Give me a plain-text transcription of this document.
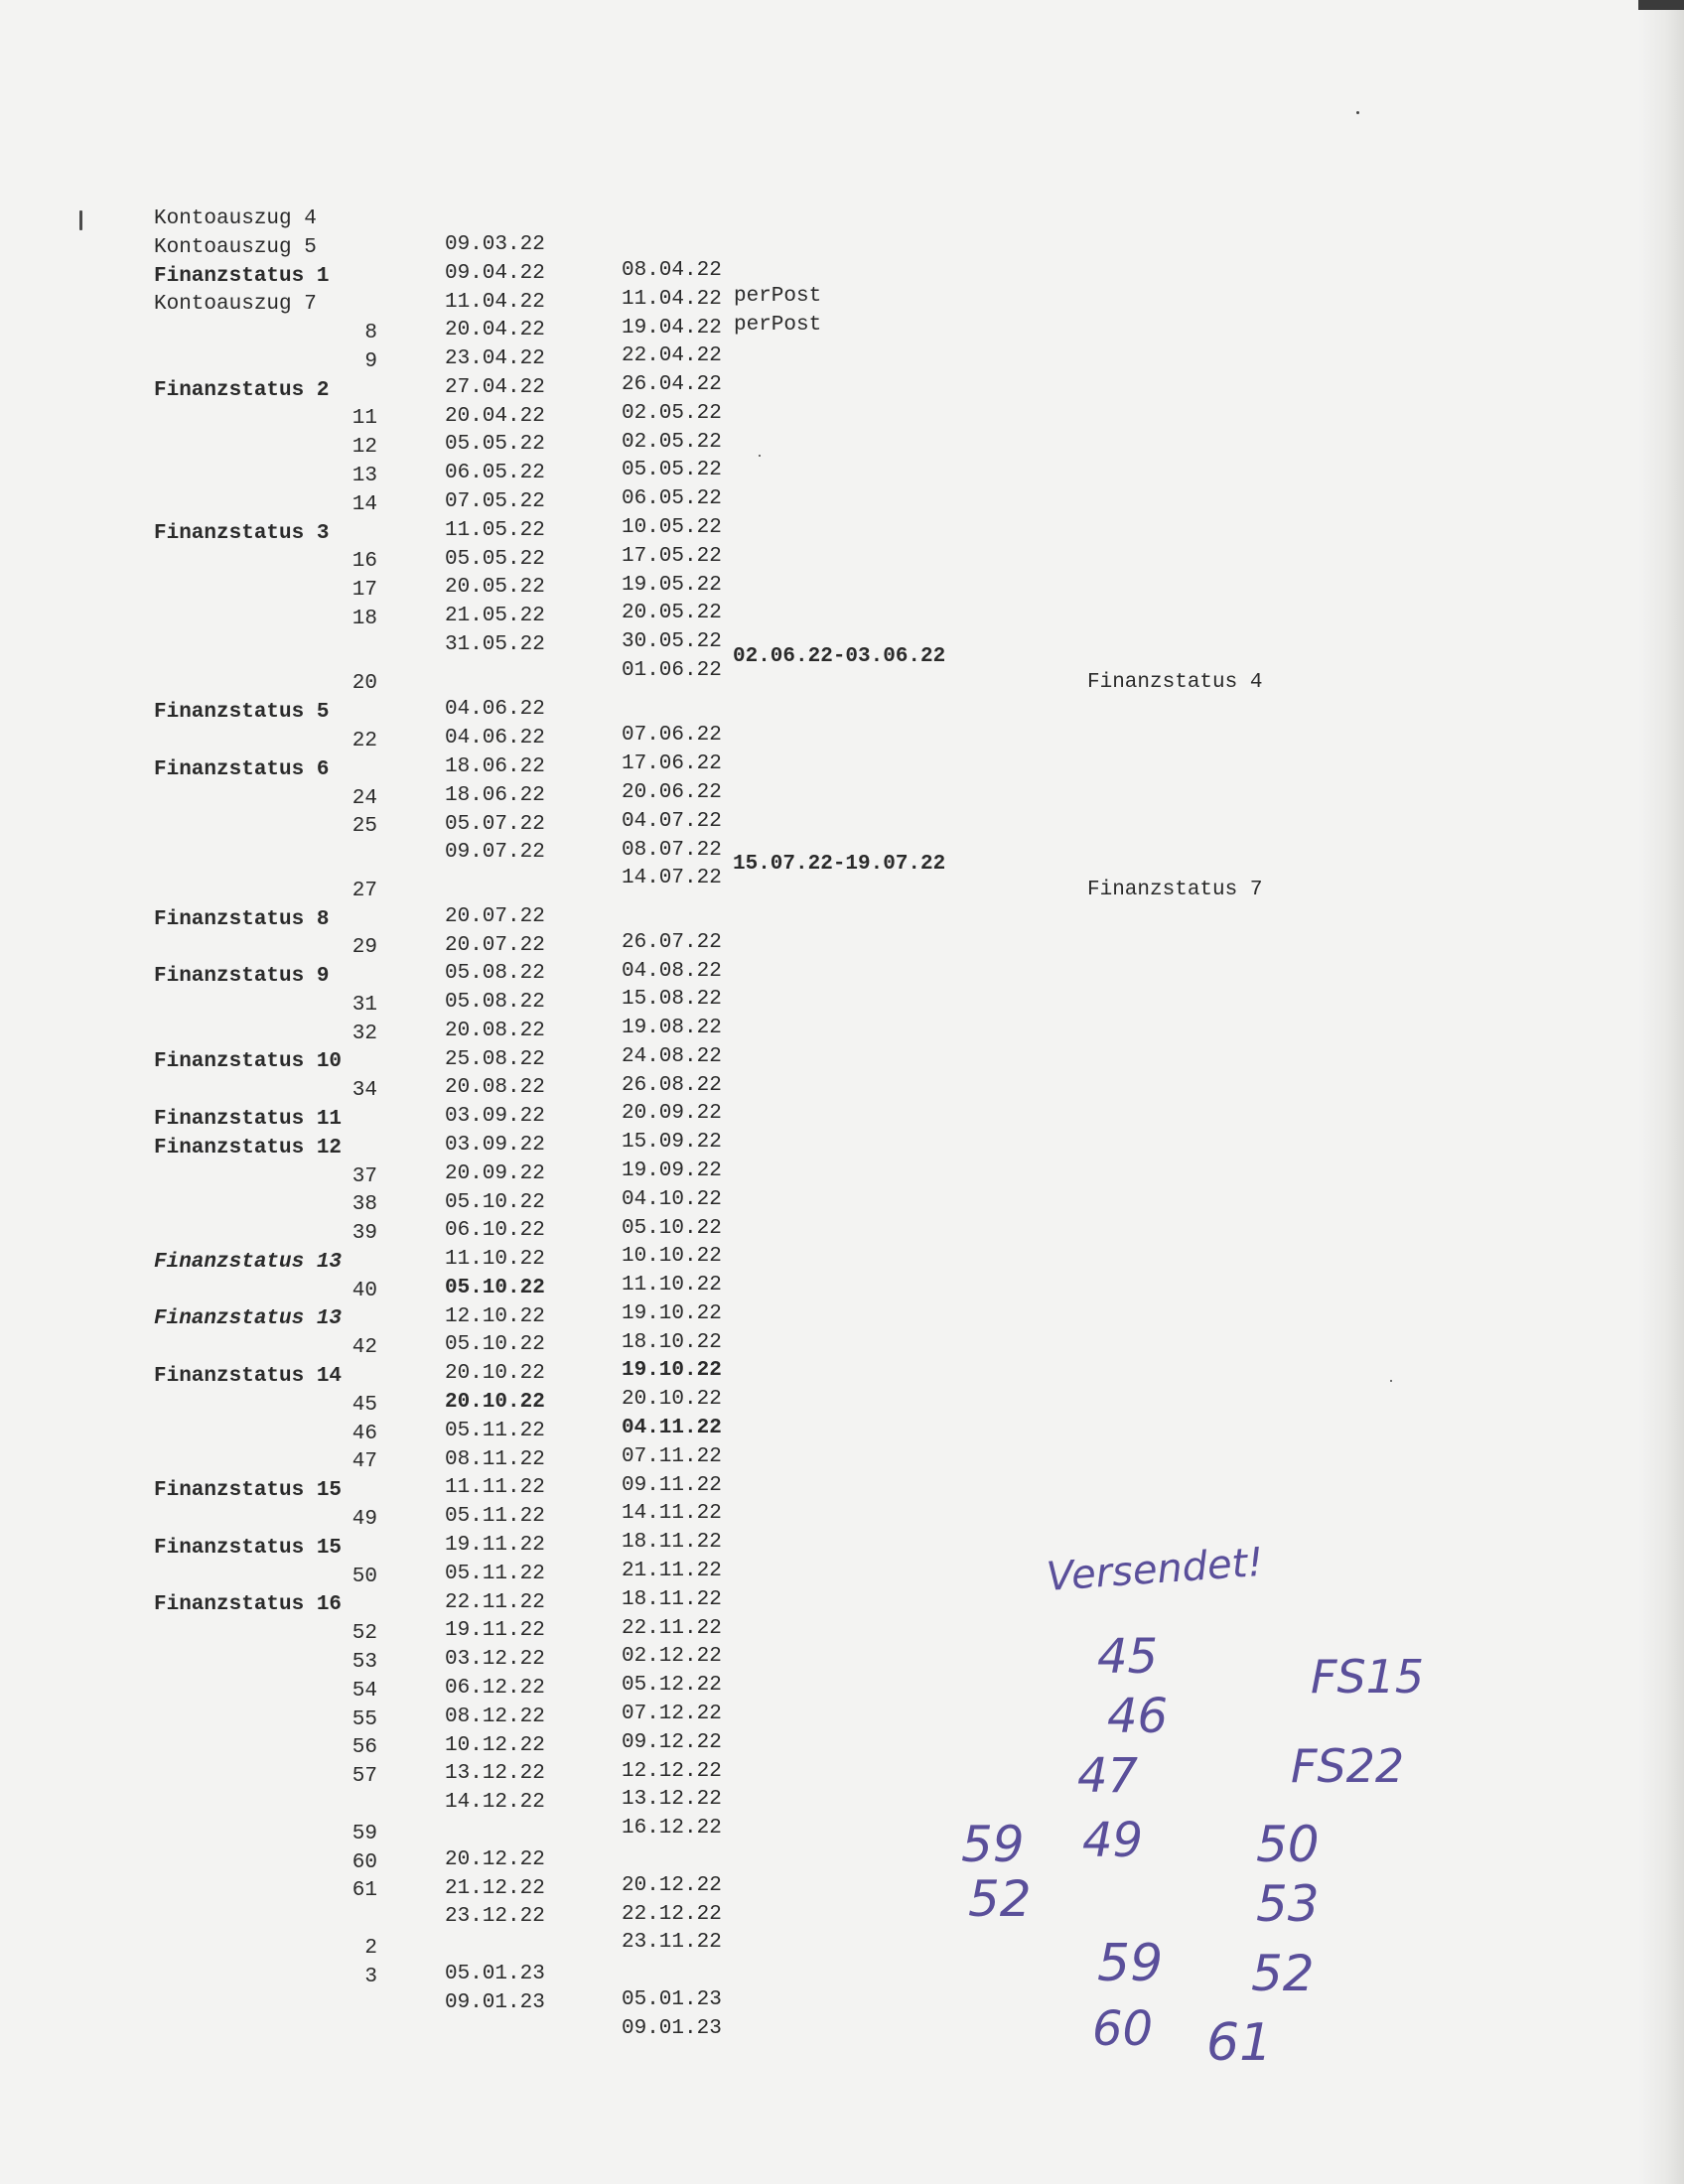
Kontoauszug 4

09.03.22

08.04.22

perPost

Kontoauszug 5

09.04.22

11.04.22

perPost

Finanzstatus 1

11.04.22

19.04.22

Kontoauszug 7

20.04.22

22.04.22

8

23.04.22

26.04.22

9

27.04.22

02.05.22

Finanzstatus 2

20.04.22

02.05.22

11

05.05.22

05.05.22

12

06.05.22

06.05.22

13

07.05.22

10.05.22

14

11.05.22

17.05.22

Finanzstatus 3

05.05.22

19.05.22

16

20.05.22

20.05.22

17

21.05.22

30.05.22

18

31.05.22

01.06.22

02.06.22-03.06.22

Finanzstatus 4

20

04.06.22

07.06.22

Finanzstatus 5

04.06.22

17.06.22

22

18.06.22

20.06.22

Finanzstatus 6

18.06.22

04.07.22

24

05.07.22

08.07.22

25

09.07.22

14.07.22

15.07.22-19.07.22

Finanzstatus 7

27

20.07.22

26.07.22

Finanzstatus 8

20.07.22

04.08.22

29

05.08.22

15.08.22

Finanzstatus 9

05.08.22

19.08.22

31

20.08.22

24.08.22

32

25.08.22

26.08.22

Finanzstatus 10

20.08.22

20.09.22

34

03.09.22

15.09.22

Finanzstatus 11

03.09.22

19.09.22

Finanzstatus 12

20.09.22

04.10.22

37

05.10.22

05.10.22

38

06.10.22

10.10.22

39

11.10.22

11.10.22

Finanzstatus 13

05.10.22

19.10.22

40

12.10.22

18.10.22

Finanzstatus 13

05.10.22

19.10.22

42

20.10.22

20.10.22

Finanzstatus 14

20.10.22

04.11.22

45

05.11.22

07.11.22

46

08.11.22

09.11.22

47

11.11.22

14.11.22

Finanzstatus 15

05.11.22

18.11.22

49

19.11.22

21.11.22

Finanzstatus 15

05.11.22

18.11.22

50

22.11.22

22.11.22

Finanzstatus 16

19.11.22

02.12.22

52

03.12.22

05.12.22

53

06.12.22

07.12.22

54

08.12.22

09.12.22

55

10.12.22

12.12.22

56

13.12.22

13.12.22

57

14.12.22

16.12.22

59

20.12.22

20.12.22

60

21.12.22

22.12.22

61

23.12.22

23.11.22

2

05.01.23

05.01.23

3

09.01.23

09.01.23

Versendet!
45
46
47
49
59
60
FS15
FS22
50
53
52
61
59
52
